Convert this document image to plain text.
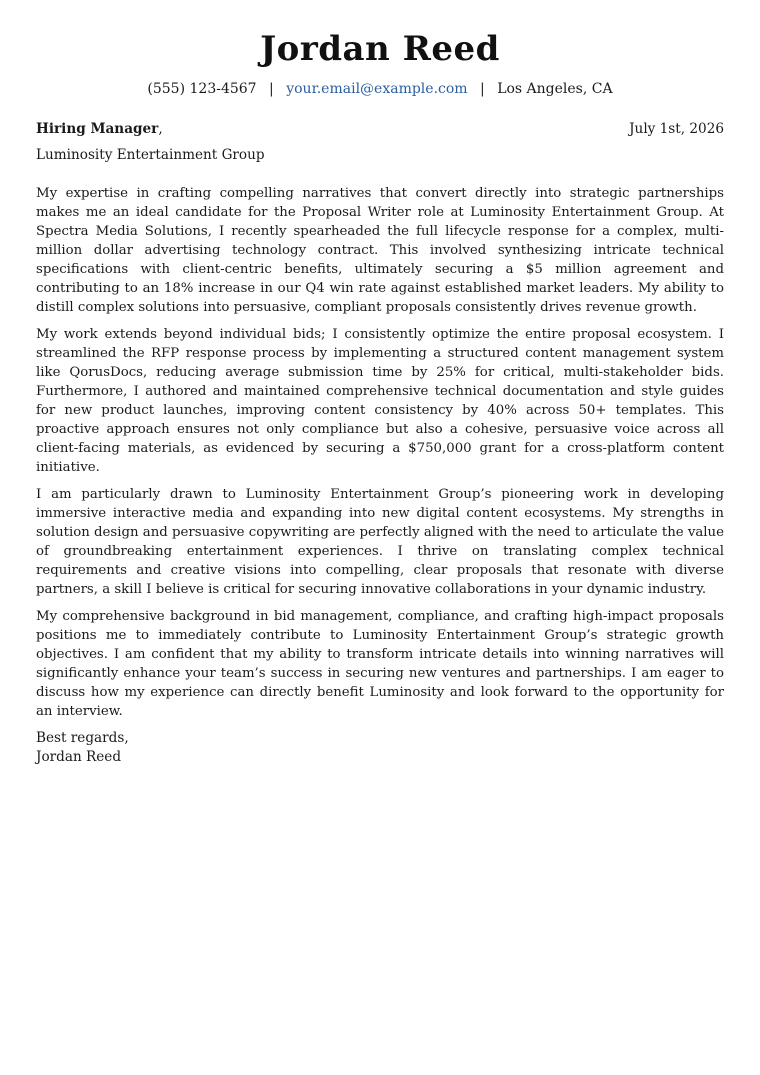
Jordan Reed
(555) 123-4567 | your.email@example.com | Los Angeles, CA
Hiring Manager,	July 1st, 2026
Luminosity Entertainment Group

My expertise in crafting compelling narratives that convert directly into strategic partnerships makes me an ideal candidate for the Proposal Writer role at Luminosity Entertainment Group. At Spectra Media Solutions, I recently spearheaded the full lifecycle response for a complex, multi-million dollar advertising technology contract. This involved synthesizing intricate technical specifications with client-centric benefits, ultimately securing a $5 million agreement and contributing to an 18% increase in our Q4 win rate against established market leaders. My ability to distill complex solutions into persuasive, compliant proposals consistently drives revenue growth.

My work extends beyond individual bids; I consistently optimize the entire proposal ecosystem. I streamlined the RFP response process by implementing a structured content management system like QorusDocs, reducing average submission time by 25% for critical, multi-stakeholder bids. Furthermore, I authored and maintained comprehensive technical documentation and style guides for new product launches, improving content consistency by 40% across 50+ templates. This proactive approach ensures not only compliance but also a cohesive, persuasive voice across all client-facing materials, as evidenced by securing a $750,000 grant for a cross-platform content initiative.

I am particularly drawn to Luminosity Entertainment Group’s pioneering work in developing immersive interactive media and expanding into new digital content ecosystems. My strengths in solution design and persuasive copywriting are perfectly aligned with the need to articulate the value of groundbreaking entertainment experiences. I thrive on translating complex technical requirements and creative visions into compelling, clear proposals that resonate with diverse partners, a skill I believe is critical for securing innovative collaborations in your dynamic industry.

My comprehensive background in bid management, compliance, and crafting high-impact proposals positions me to immediately contribute to Luminosity Entertainment Group’s strategic growth objectives. I am confident that my ability to transform intricate details into winning narratives will significantly enhance your team’s success in securing new ventures and partnerships. I am eager to discuss how my experience can directly benefit Luminosity and look forward to the opportunity for an interview.

Best regards,
Jordan Reed
